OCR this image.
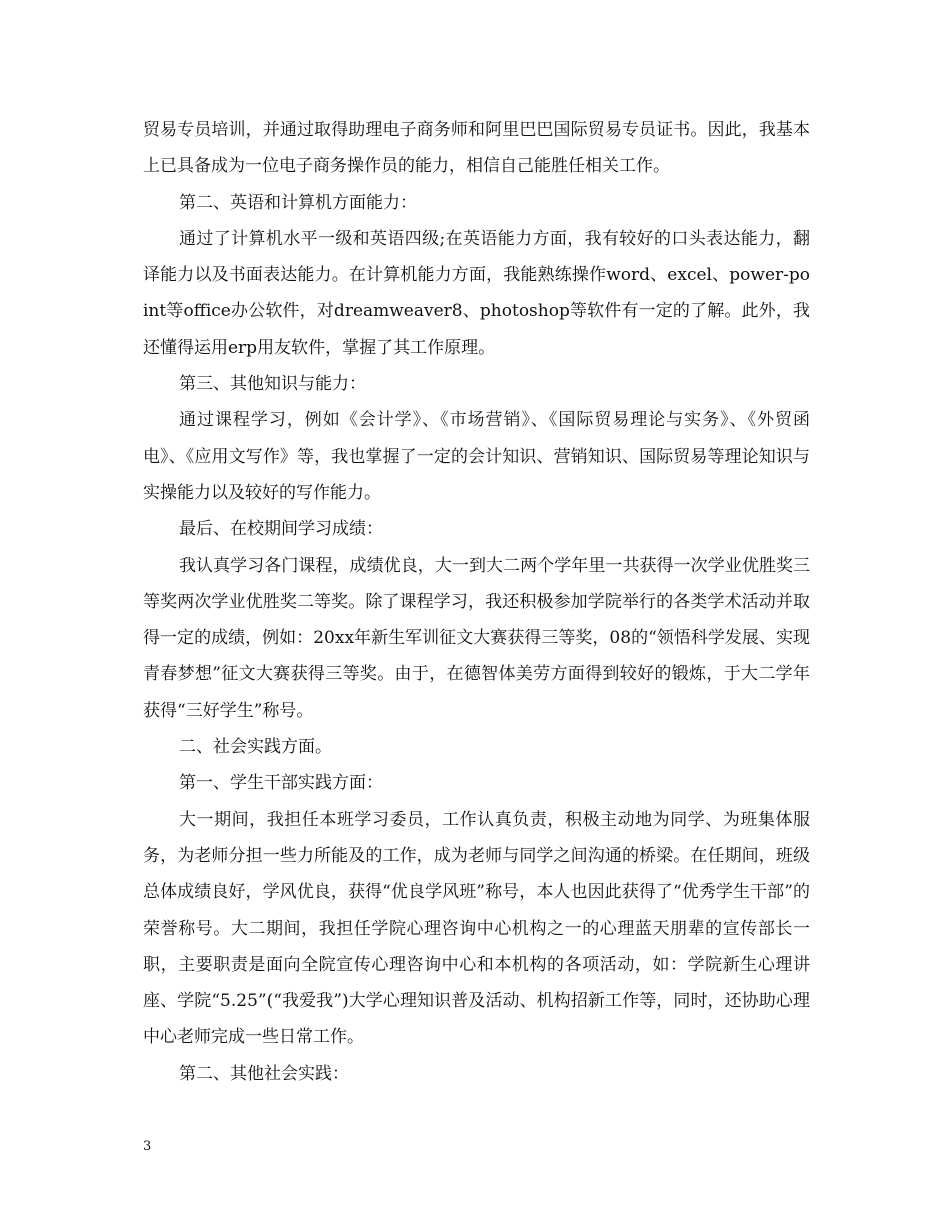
贸易专员培训，并通过取得助理电子商务师和阿里巴巴国际贸易专员证书。因此，我基本上已具备成为一位电子商务操作员的能力，相信自己能胜任相关工作。

第二、英语和计算机方面能力：

通过了计算机水平一级和英语四级;在英语能力方面，我有较好的口头表达能力，翻译能力以及书面表达能力。在计算机能力方面，我能熟练操作word、excel、power-point等office办公软件，对dreamweaver8、photoshop等软件有一定的了解。此外，我还懂得运用erp用友软件，掌握了其工作原理。

第三、其他知识与能力：

通过课程学习，例如《会计学》、《市场营销》、《国际贸易理论与实务》、《外贸函电》、《应用文写作》等，我也掌握了一定的会计知识、营销知识、国际贸易等理论知识与实操能力以及较好的写作能力。

最后、在校期间学习成绩：

我认真学习各门课程，成绩优良，大一到大二两个学年里一共获得一次学业优胜奖三等奖两次学业优胜奖二等奖。除了课程学习，我还积极参加学院举行的各类学术活动并取得一定的成绩，例如：20xx年新生军训征文大赛获得三等奖，08的“领悟科学发展、实现青春梦想”征文大赛获得三等奖。由于，在德智体美劳方面得到较好的锻炼，于大二学年获得“三好学生”称号。

二、社会实践方面。

第一、学生干部实践方面：

大一期间，我担任本班学习委员，工作认真负责，积极主动地为同学、为班集体服务，为老师分担一些力所能及的工作，成为老师与同学之间沟通的桥梁。在任期间，班级总体成绩良好，学风优良，获得“优良学风班”称号，本人也因此获得了“优秀学生干部”的荣誉称号。大二期间，我担任学院心理咨询中心机构之一的心理蓝天朋辈的宣传部长一职，主要职责是面向全院宣传心理咨询中心和本机构的各项活动，如：学院新生心理讲座、学院“5.25”(“我爱我”)大学心理知识普及活动、机构招新工作等，同时，还协助心理中心老师完成一些日常工作。

第二、其他社会实践：

3
